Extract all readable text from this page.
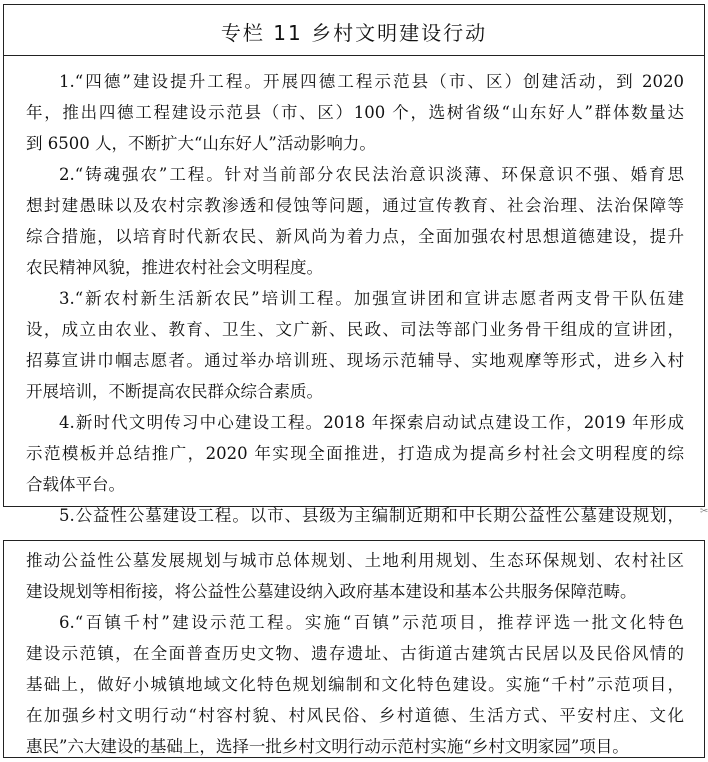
专栏 11 乡村文明建设行动
1.“四德”建设提升工程。开展四德工程示范县（市、区）创建活动，到 2020
年，推出四德工程建设示范县（市、区）100 个，选树省级“山东好人”群体数量达
到 6500 人，不断扩大“山东好人”活动影响力。
2.“铸魂强农”工程。针对当前部分农民法治意识淡薄、环保意识不强、婚育思
想封建愚昧以及农村宗教渗透和侵蚀等问题，通过宣传教育、社会治理、法治保障等
综合措施，以培育时代新农民、新风尚为着力点，全面加强农村思想道德建设，提升
农民精神风貌，推进农村社会文明程度。
3.“新农村新生活新农民”培训工程。加强宣讲团和宣讲志愿者两支骨干队伍建
设，成立由农业、教育、卫生、文广新、民政、司法等部门业务骨干组成的宣讲团，
招募宣讲巾帼志愿者。通过举办培训班、现场示范辅导、实地观摩等形式，进乡入村
开展培训，不断提高农民群众综合素质。
4.新时代文明传习中心建设工程。2018 年探索启动试点建设工作，2019 年形成
示范模板并总结推广，2020 年实现全面推进，打造成为提高乡村社会文明程度的综
合载体平台。
5.公益性公墓建设工程。以市、县级为主编制近期和中长期公益性公墓建设规划， ✂
推动公益性公墓发展规划与城市总体规划、土地利用规划、生态环保规划、农村社区
建设规划等相衔接，将公益性公墓建设纳入政府基本建设和基本公共服务保障范畴。
6.“百镇千村”建设示范工程。实施“百镇”示范项目，推荐评选一批文化特色
建设示范镇，在全面普查历史文物、遗存遗址、古街道古建筑古民居以及民俗风情的
基础上，做好小城镇地域文化特色规划编制和文化特色建设。实施“千村”示范项目，
在加强乡村文明行动“村容村貌、村风民俗、乡村道德、生活方式、平安村庄、文化
惠民”六大建设的基础上，选择一批乡村文明行动示范村实施“乡村文明家园”项目。
